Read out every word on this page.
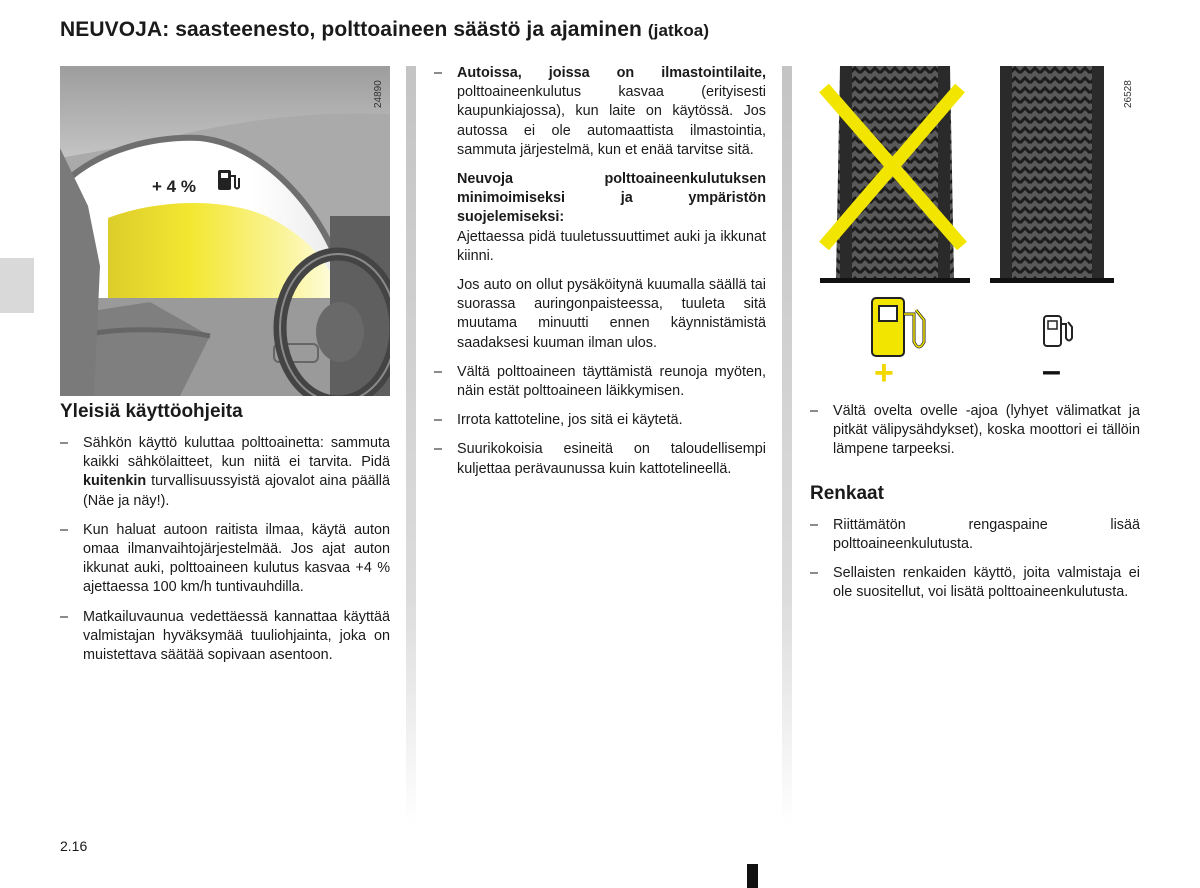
NEUVOJA: saasteenesto, polttoaineen säästö ja ajaminen (jatkoa)
+ 4 %
24890
+	–
26528
Yleisiä käyttöohjeita
– Sähkön käyttö kuluttaa polttoainetta: sammuta kaikki sähkölaitteet, kun niitä ei tarvita. Pidä kuitenkin turvallisuussyistä ajovalot aina päällä (Näe ja näy!).
– Kun haluat autoon raitista ilmaa, käytä auton omaa ilmanvaihtojärjestelmää. Jos ajat auton ikkunat auki, polttoaineen kulutus kasvaa +4 % ajettaessa 100 km/h tuntivauhdilla.
– Matkailuvaunua vedettäessä kannattaa käyttää valmistajan hyväksymää tuuliohjainta, joka on muistettava säätää sopivaan asentoon.
– Autoissa, joissa on ilmastointilaite, polttoaineenkulutus kasvaa (erityisesti kaupunkiajossa), kun laite on käytössä. Jos autossa ei ole automaattista ilmastointia, sammuta järjestelmä, kun et enää tarvitse sitä.
Neuvoja polttoaineenkulutuksen minimoimiseksi ja ympäristön suojelemiseksi:
Ajettaessa pidä tuuletussuuttimet auki ja ikkunat kiinni.
Jos auto on ollut pysäköitynä kuumalla säällä tai suorassa auringonpaisteessa, tuuleta sitä muutama minuutti ennen käynnistämistä saadaksesi kuuman ilman ulos.
– Vältä polttoaineen täyttämistä reunoja myöten, näin estät polttoaineen läikkymisen.
– Irrota kattoteline, jos sitä ei käytetä.
– Suurikokoisia esineitä on taloudellisempi kuljettaa perävaunussa kuin kattotelineellä.
– Vältä ovelta ovelle -ajoa (lyhyet välimatkat ja pitkät välipysähdykset), koska moottori ei tällöin lämpene tarpeeksi.
Renkaat
– Riittämätön rengaspaine lisää polttoaineenkulutusta.
– Sellaisten renkaiden käyttö, joita valmistaja ei ole suositellut, voi lisätä polttoaineenkulutusta.
2.16
